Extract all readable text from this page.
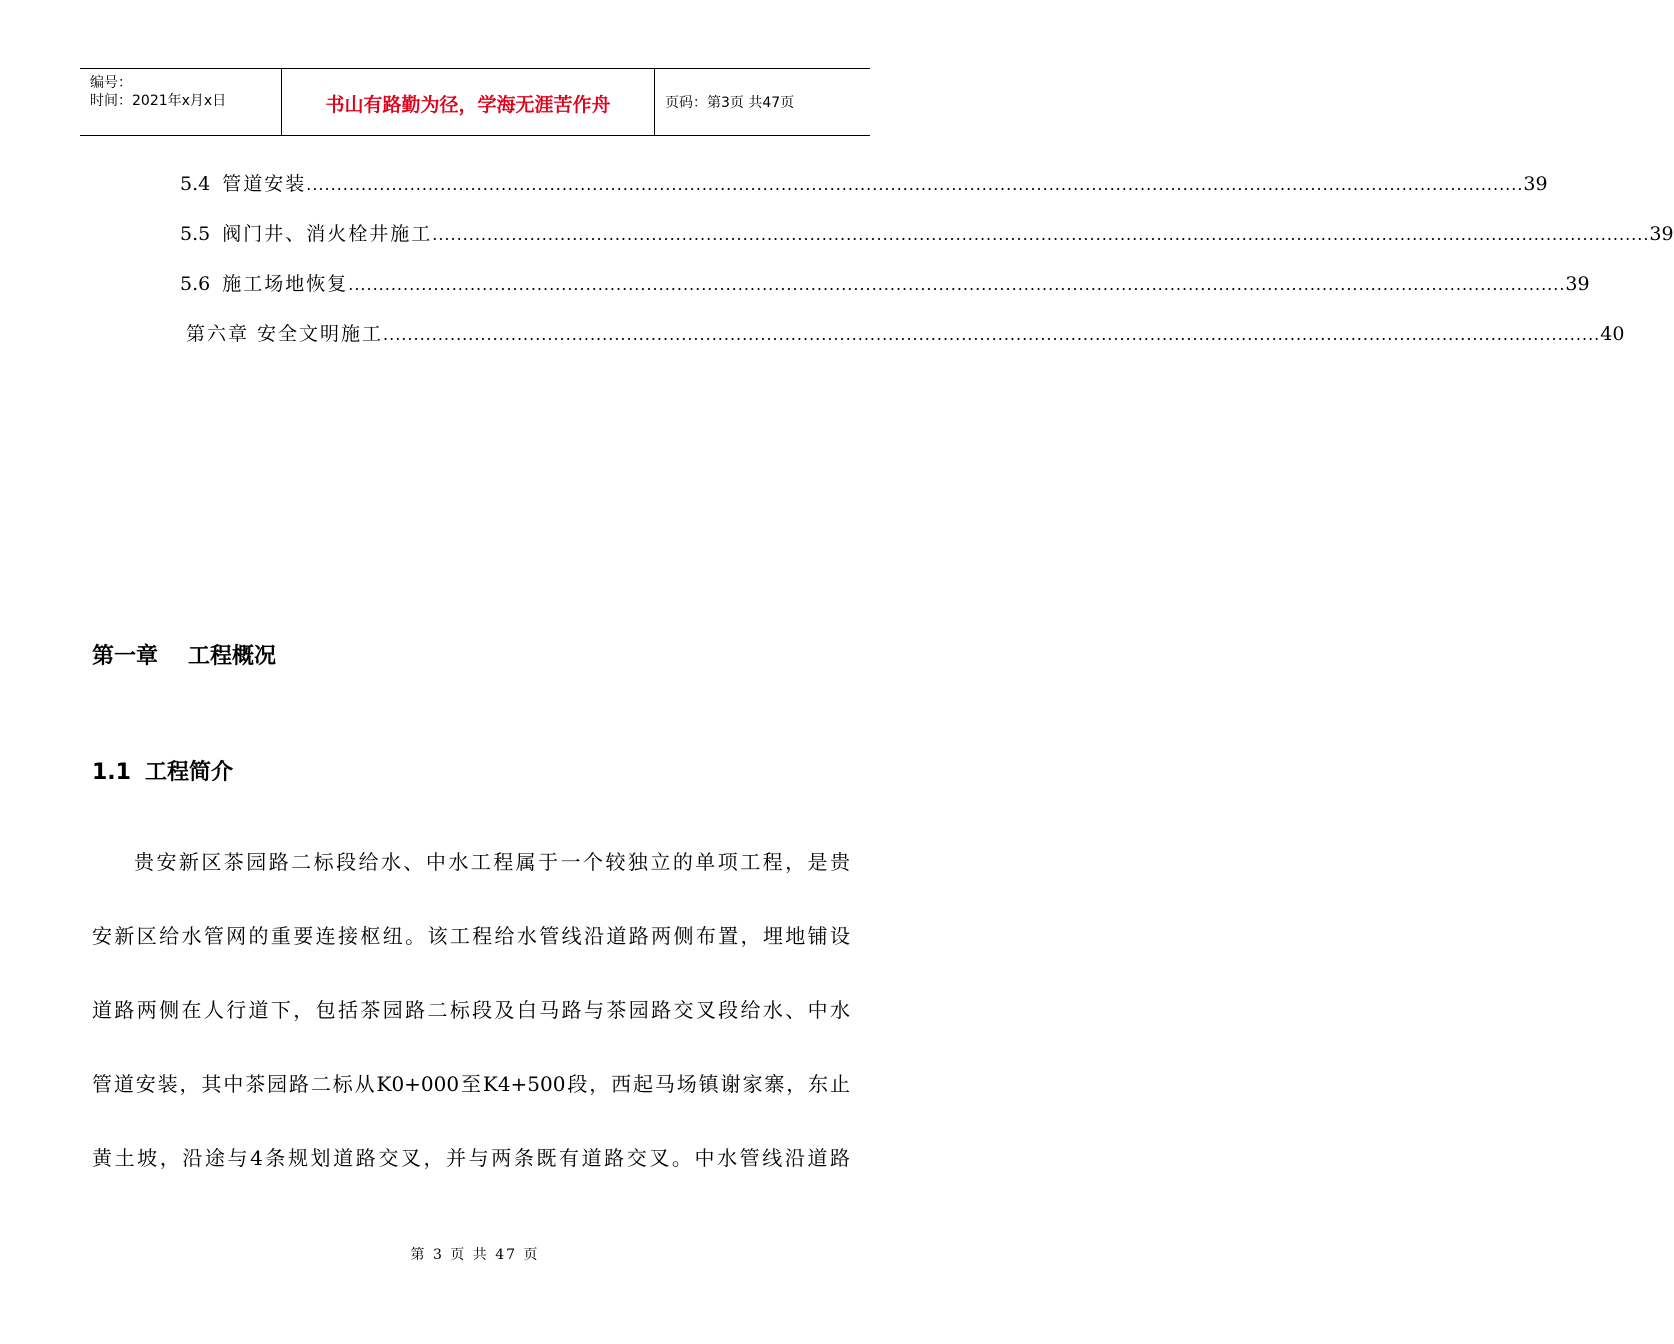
编号：
时间：2021年x月x日	书山有路勤为径，学海无涯苦作舟	页码：第3页 共47页
5.4 管道安装 ........................................................................................................................................................................................................ 39
5.5 阀门井、消火栓井施工 ........................................................................................................................................................................................................ 39
5.6 施工场地恢复 ........................................................................................................................................................................................................ 39
第六章 安全文明施工 ........................................................................................................................................................................................................ 40
第一章 工程概况
1.1 工程简介
贵安新区茶园路二标段给水、中水工程属于一个较独立的单项工程，是贵
安新区给水管网的重要连接枢纽。该工程给水管线沿道路两侧布置，埋地铺设
道路两侧在人行道下，包括茶园路二标段及白马路与茶园路交叉段给水、中水
管道安装，其中茶园路二标从K0+000至K4+500段，西起马场镇谢家寨，东止
黄土坡，沿途与4条规划道路交叉，并与两条既有道路交叉。中水管线沿道路
第 3 页 共 47 页
